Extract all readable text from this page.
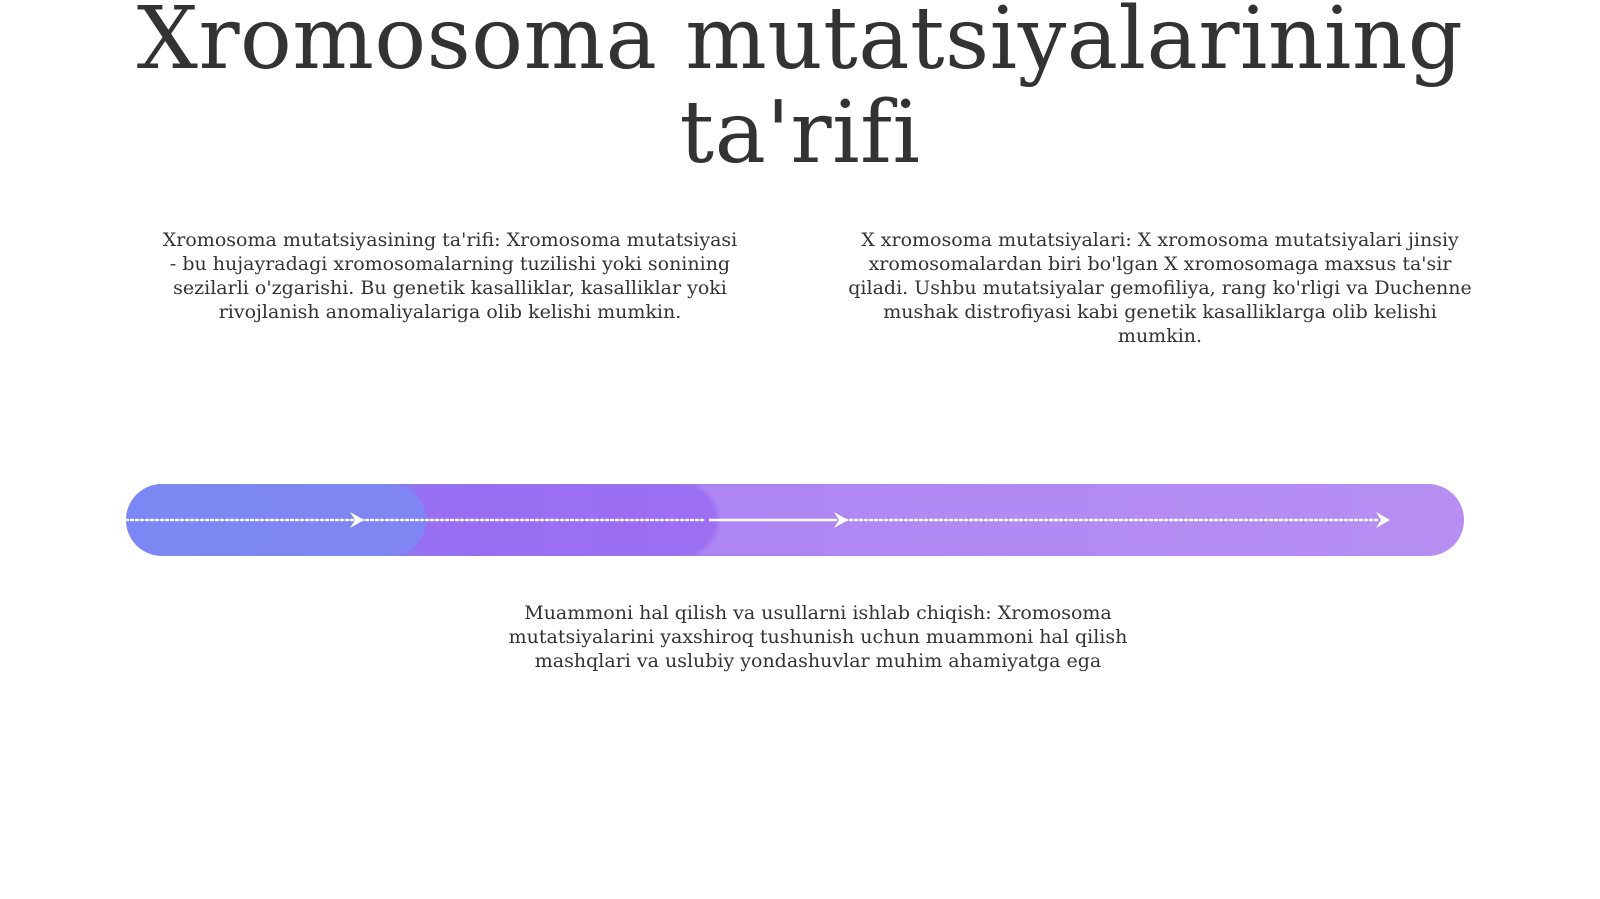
Xromosoma mutatsiyalarining ta'rifi

Xromosoma mutatsiyasining ta'rifi: Xromosoma mutatsiyasi - bu hujayradagi xromosomalarning tuzilishi yoki sonining sezilarli o'zgarishi. Bu genetik kasalliklar, kasalliklar yoki rivojlanish anomaliyalariga olib kelishi mumkin.

X xromosoma mutatsiyalari: X xromosoma mutatsiyalari jinsiy xromosomalardan biri bo'lgan X xromosomaga maxsus ta'sir qiladi. Ushbu mutatsiyalar gemofiliya, rang ko'rligi va Duchenne mushak distrofiyasi kabi genetik kasalliklarga olib kelishi mumkin.

Muammoni hal qilish va usullarni ishlab chiqish: Xromosoma mutatsiyalarini yaxshiroq tushunish uchun muammoni hal qilish mashqlari va uslubiy yondashuvlar muhim ahamiyatga ega
